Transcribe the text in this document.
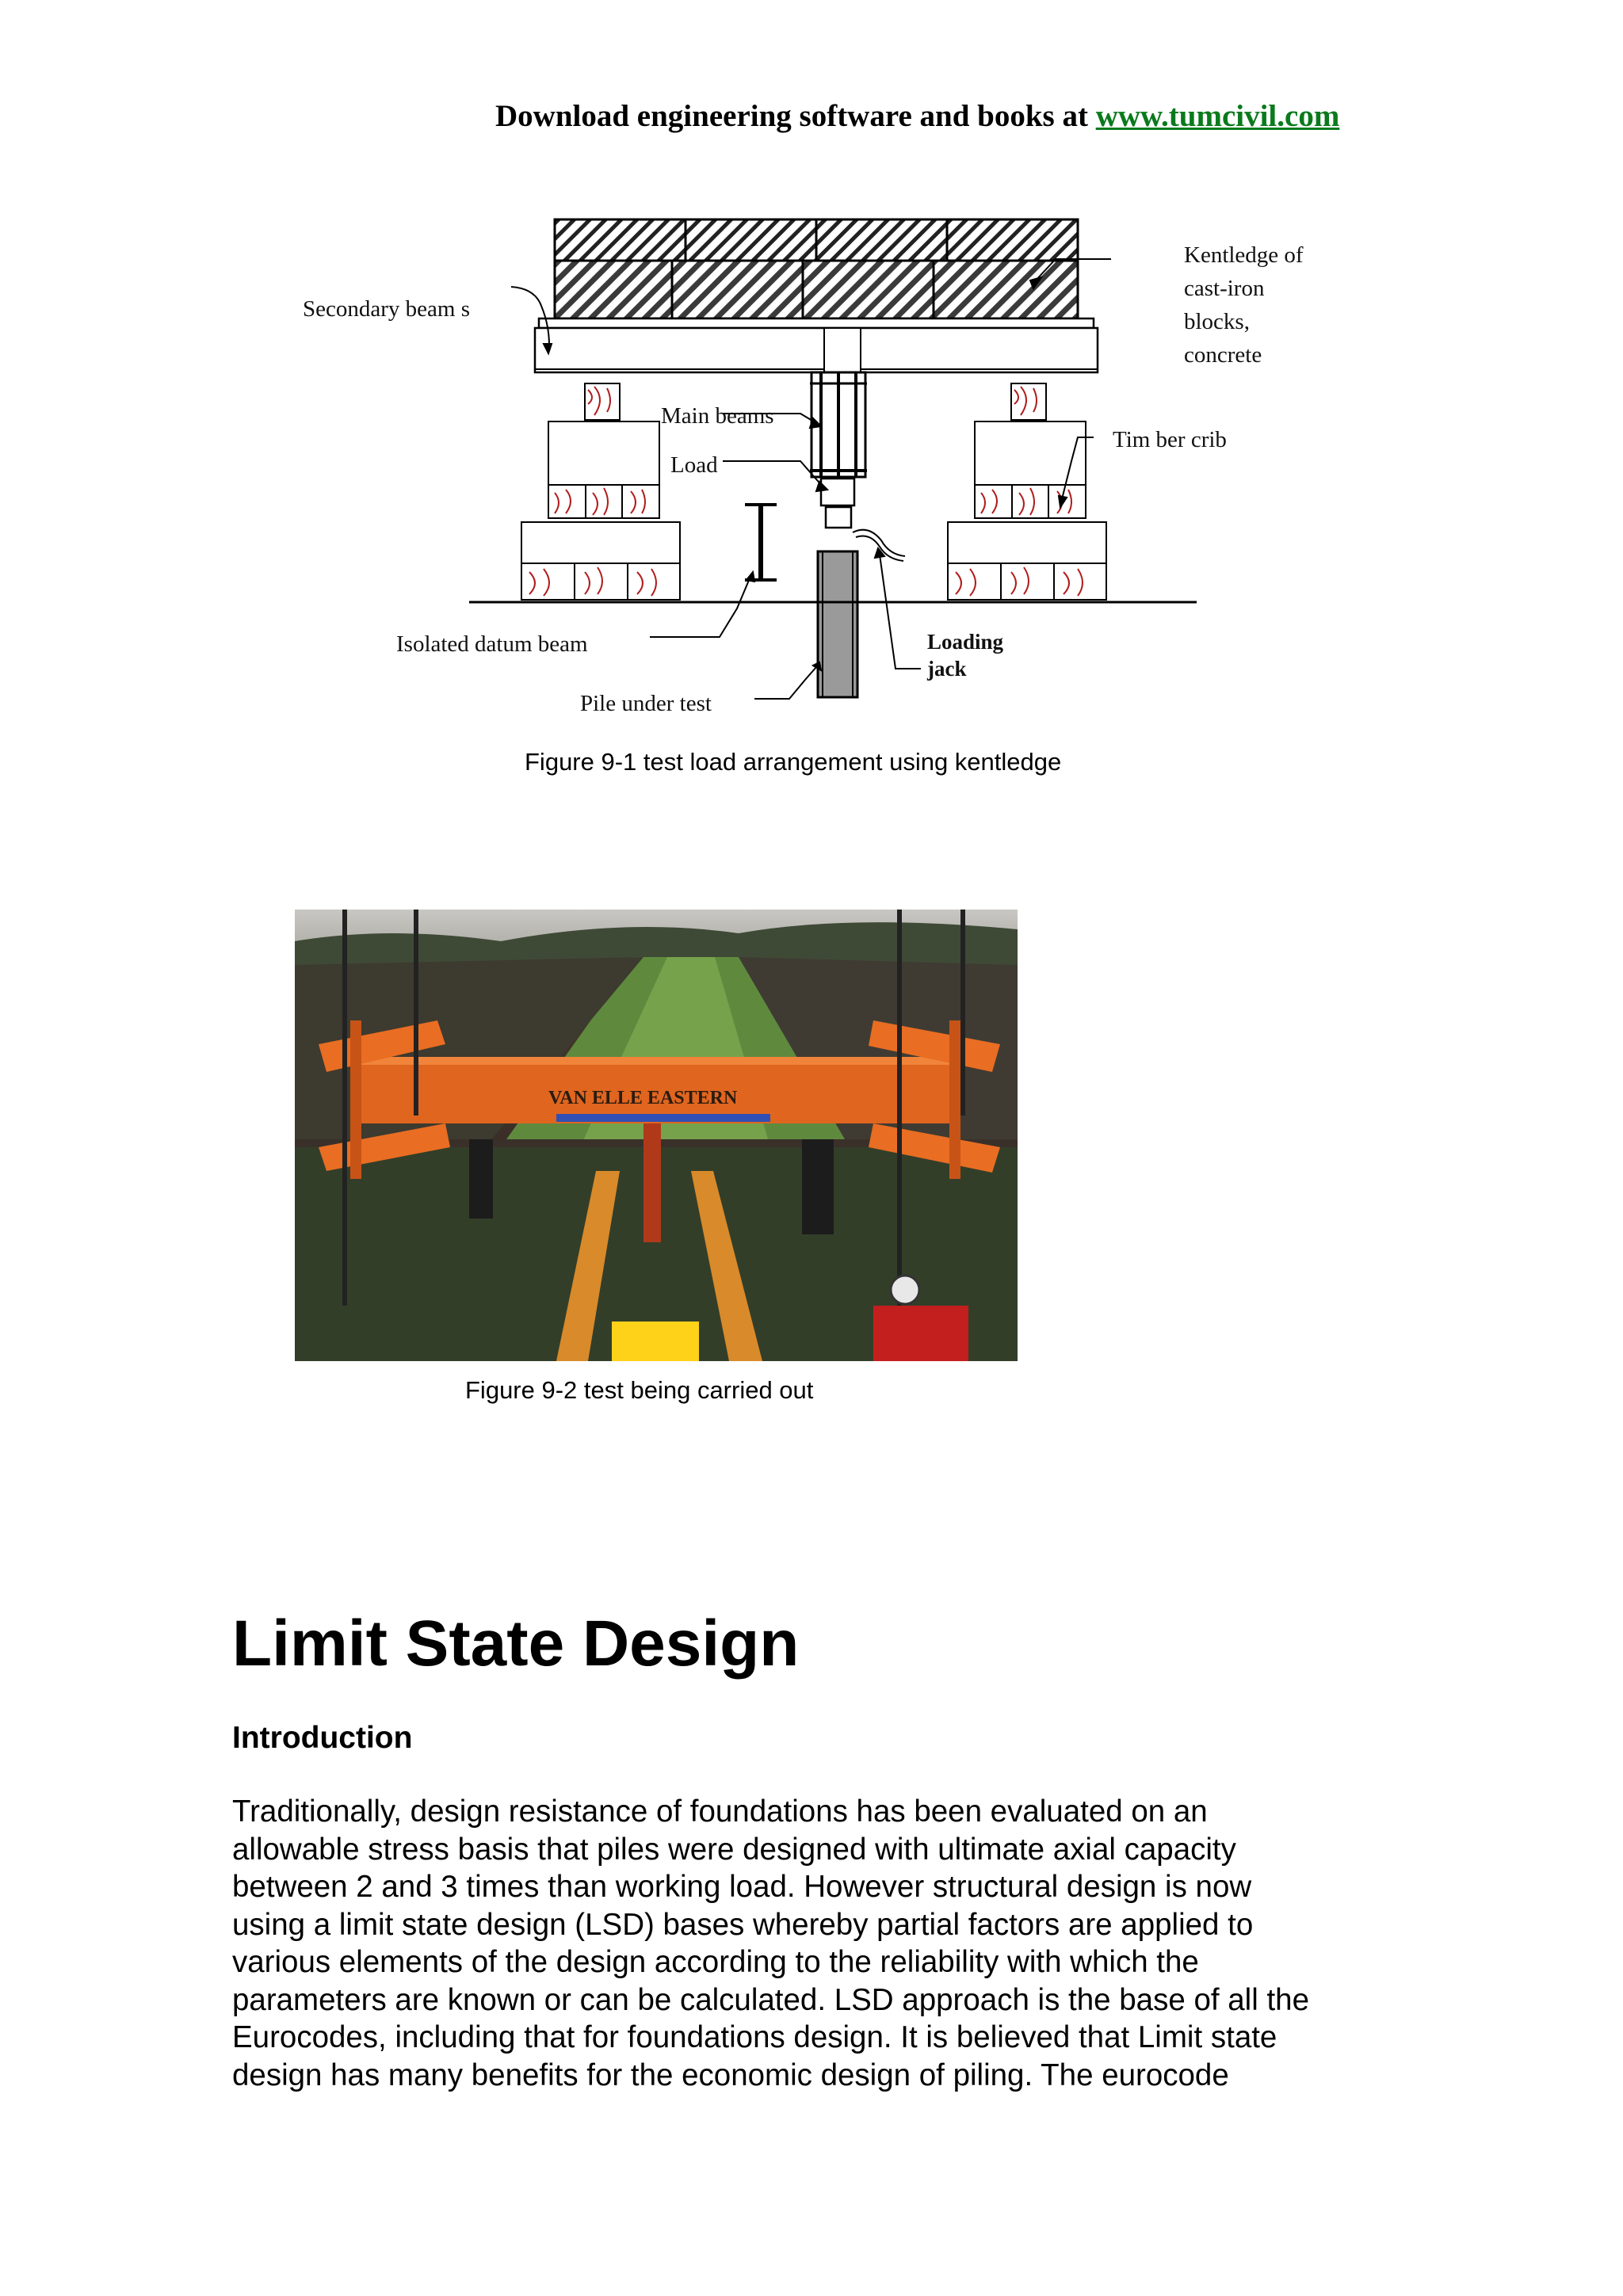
Download engineering software and books at www.tumcivil.com
Secondary beam s
Kentledge of
cast-iron
blocks,
concrete
Main beams
Load
Tim ber crib
Isolated datum beam	Loading
jack
Pile under test
Figure 9-1 test load arrangement using kentledge
VAN ELLE EASTERN
Figure 9-2 test being carried out
Limit State Design
Introduction
Traditionally, design resistance of foundations has been evaluated on an
allowable stress basis that piles were designed with ultimate axial capacity
between 2 and 3 times than working load. However structural design is now
using a limit state design (LSD) bases whereby partial factors are applied to
various elements of the design according to the reliability with which the
parameters are known or can be calculated. LSD approach is the base of all the
Eurocodes, including that for foundations design. It is believed that Limit state
design has many benefits for the economic design of piling. The eurocode
